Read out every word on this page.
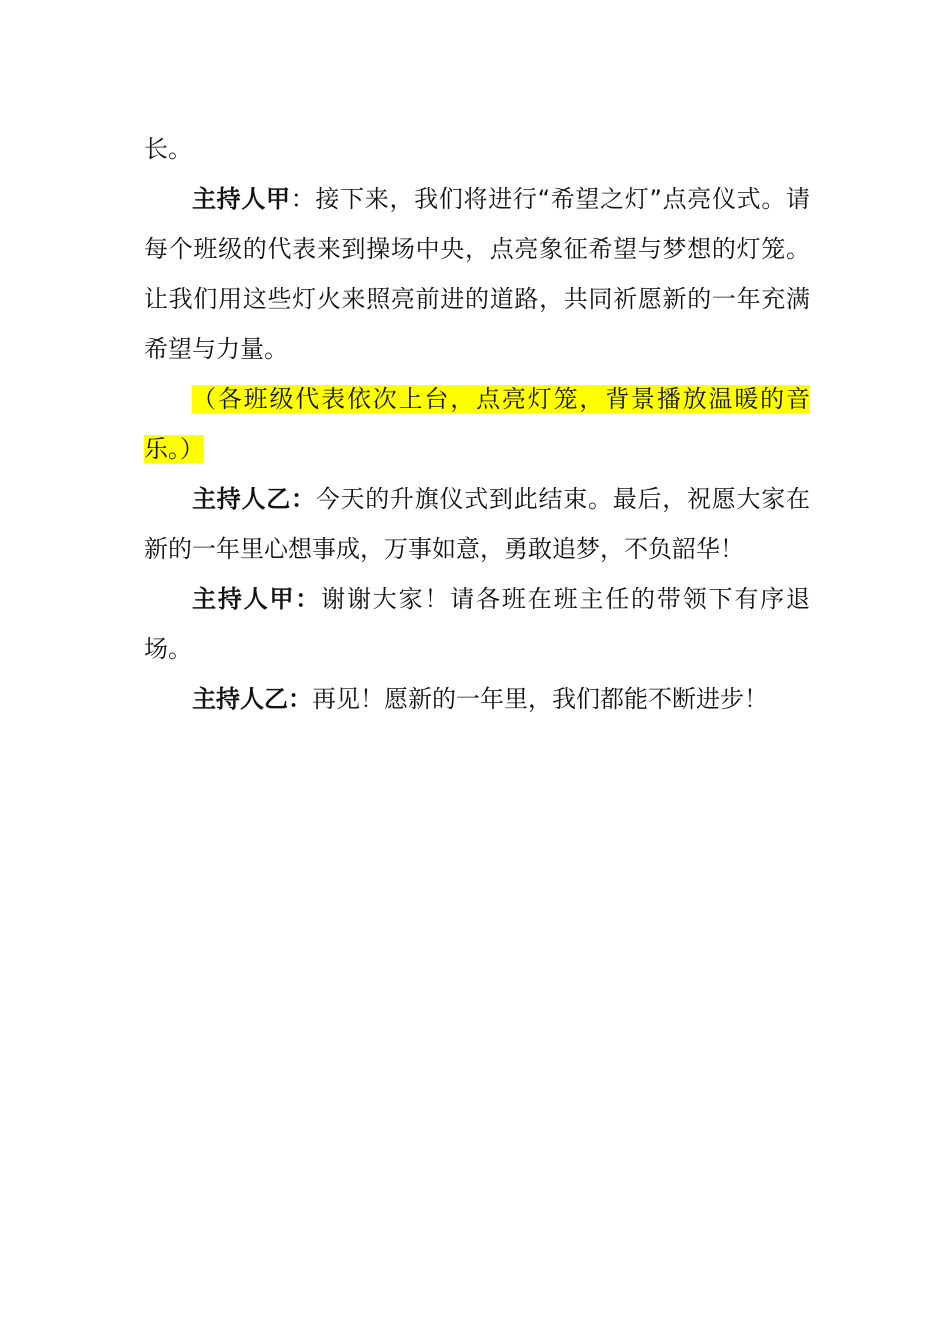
长。

主持人甲：接下来，我们将进行“希望之灯”点亮仪式。请每个班级的代表来到操场中央，点亮象征希望与梦想的灯笼。让我们用这些灯火来照亮前进的道路，共同祈愿新的一年充满希望与力量。

（各班级代表依次上台，点亮灯笼，背景播放温暖的音乐。）

主持人乙：今天的升旗仪式到此结束。最后，祝愿大家在新的一年里心想事成，万事如意，勇敢追梦，不负韶华！

主持人甲：谢谢大家！请各班在班主任的带领下有序退场。

主持人乙：再见！愿新的一年里，我们都能不断进步！
